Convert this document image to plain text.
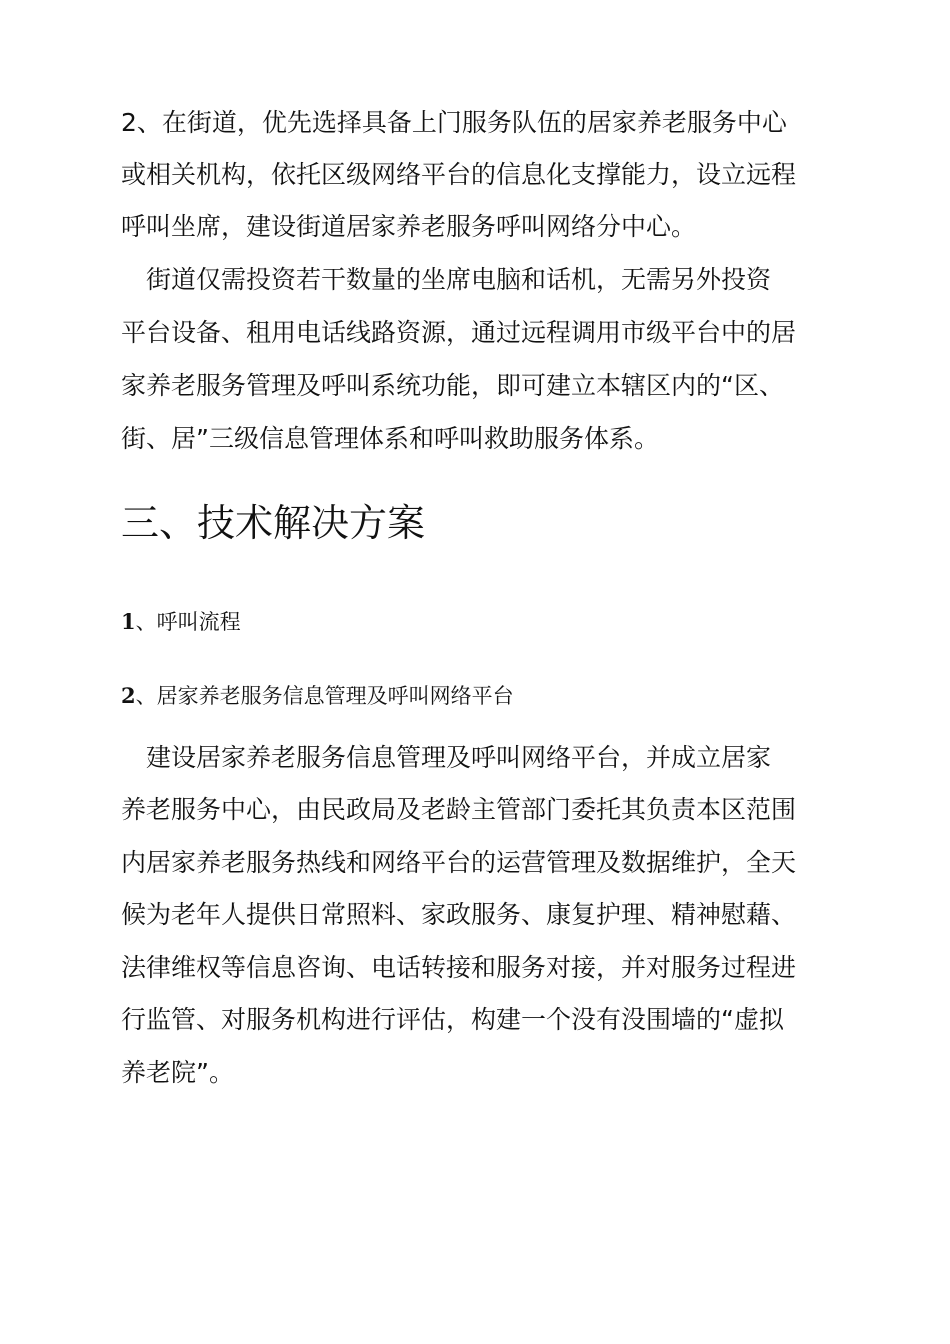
2、在街道，优先选择具备上门服务队伍的居家养老服务中心
或相关机构，依托区级网络平台的信息化支撑能力，设立远程
呼叫坐席，建设街道居家养老服务呼叫网络分中心。
　街道仅需投资若干数量的坐席电脑和话机，无需另外投资
平台设备、租用电话线路资源，通过远程调用市级平台中的居
家养老服务管理及呼叫系统功能，即可建立本辖区内的“区、
街、居”三级信息管理体系和呼叫救助服务体系。
三、技术解决方案
1、呼叫流程
2、居家养老服务信息管理及呼叫网络平台
　建设居家养老服务信息管理及呼叫网络平台，并成立居家
养老服务中心，由民政局及老龄主管部门委托其负责本区范围
内居家养老服务热线和网络平台的运营管理及数据维护，全天
候为老年人提供日常照料、家政服务、康复护理、精神慰藉、
法律维权等信息咨询、电话转接和服务对接，并对服务过程进
行监管、对服务机构进行评估，构建一个没有没围墙的“虚拟
养老院”。
